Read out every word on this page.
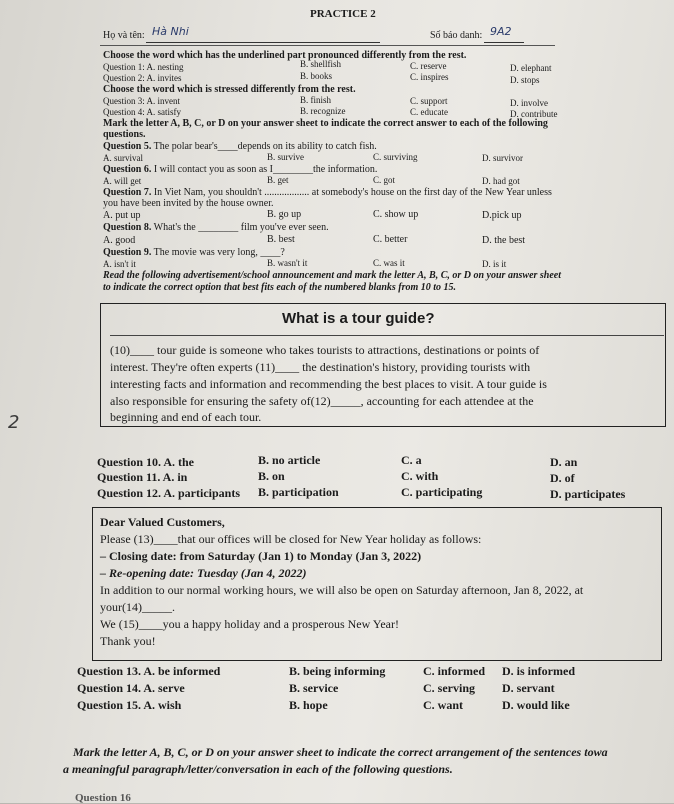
PRACTICE 2
Họ và tên: Hà Nhi	Số báo danh: 9A2
Choose the word which has the underlined part pronounced differently from the rest.
Question 1: A. nesting	B. shellfish	C. reserve	D. elephant
Question 2: A. invites	B. books	C. inspires	D. stops
Choose the word which is stressed differently from the rest.
Question 3: A. invent	B. finish	C. support	D. involve
Question 4: A. satisfy	B. recognize	C. educate	D. contribute
Mark the letter A, B, C, or D on your answer sheet to indicate the correct answer to each of the following
questions.
Question 5. The polar bear's____depends on its ability to catch fish.
A. survival	B. survive	C. surviving	D. survivor
Question 6. I will contact you as soon as I________the information.
A. will get	B. get	C. got	D. had got
Question 7. In Viet Nam, you shouldn't .................. at somebody's house on the first day of the New Year unless
you have been invited by the house owner.
A. put up	B. go up	C. show up	D.pick up
Question 8. What's the ________ film you've ever seen.
A. good	B. best	C. better	D. the best
Question 9. The movie was very long, ____?
A. isn't it	B. wasn't it	C. was it	D. is it
Read the following advertisement/school announcement and mark the letter A, B, C, or D on your answer sheet
to indicate the correct option that best fits each of the numbered blanks from 10 to 15.
What is a tour guide?
(10)____ tour guide is someone who takes tourists to attractions, destinations or points of
interest. They're often experts (11)____ the destination's history, providing tourists with
interesting facts and information and recommending the best places to visit. A tour guide is
also responsible for ensuring the safety of(12)_____, accounting for each attendee at the
beginning and end of each tour.
2
Question 10. A. the	B. no article	C. a	D. an
Question 11. A. in	B. on	C. with	D. of
Question 12. A. participants B. participation	C. participating	D. participates
Dear Valued Customers,
Please (13)____that our offices will be closed for New Year holiday as follows:
– Closing date: from Saturday (Jan 1) to Monday (Jan 3, 2022)
– Re-opening date: Tuesday (Jan 4, 2022)
In addition to our normal working hours, we will also be open on Saturday afternoon, Jan 8, 2022, at
your(14)_____.
We (15)____you a happy holiday and a prosperous New Year!
Thank you!
Question 13. A. be informed	B. being informing	C. informed D. is informed
Question 14. A. serve	B. service	C. serving D. servant
Question 15. A. wish	B. hope	C. want	D. would like
Mark the letter A, B, C, or D on your answer sheet to indicate the correct arrangement of the sentences towa
a meaningful paragraph/letter/conversation in each of the following questions.
Question 16
